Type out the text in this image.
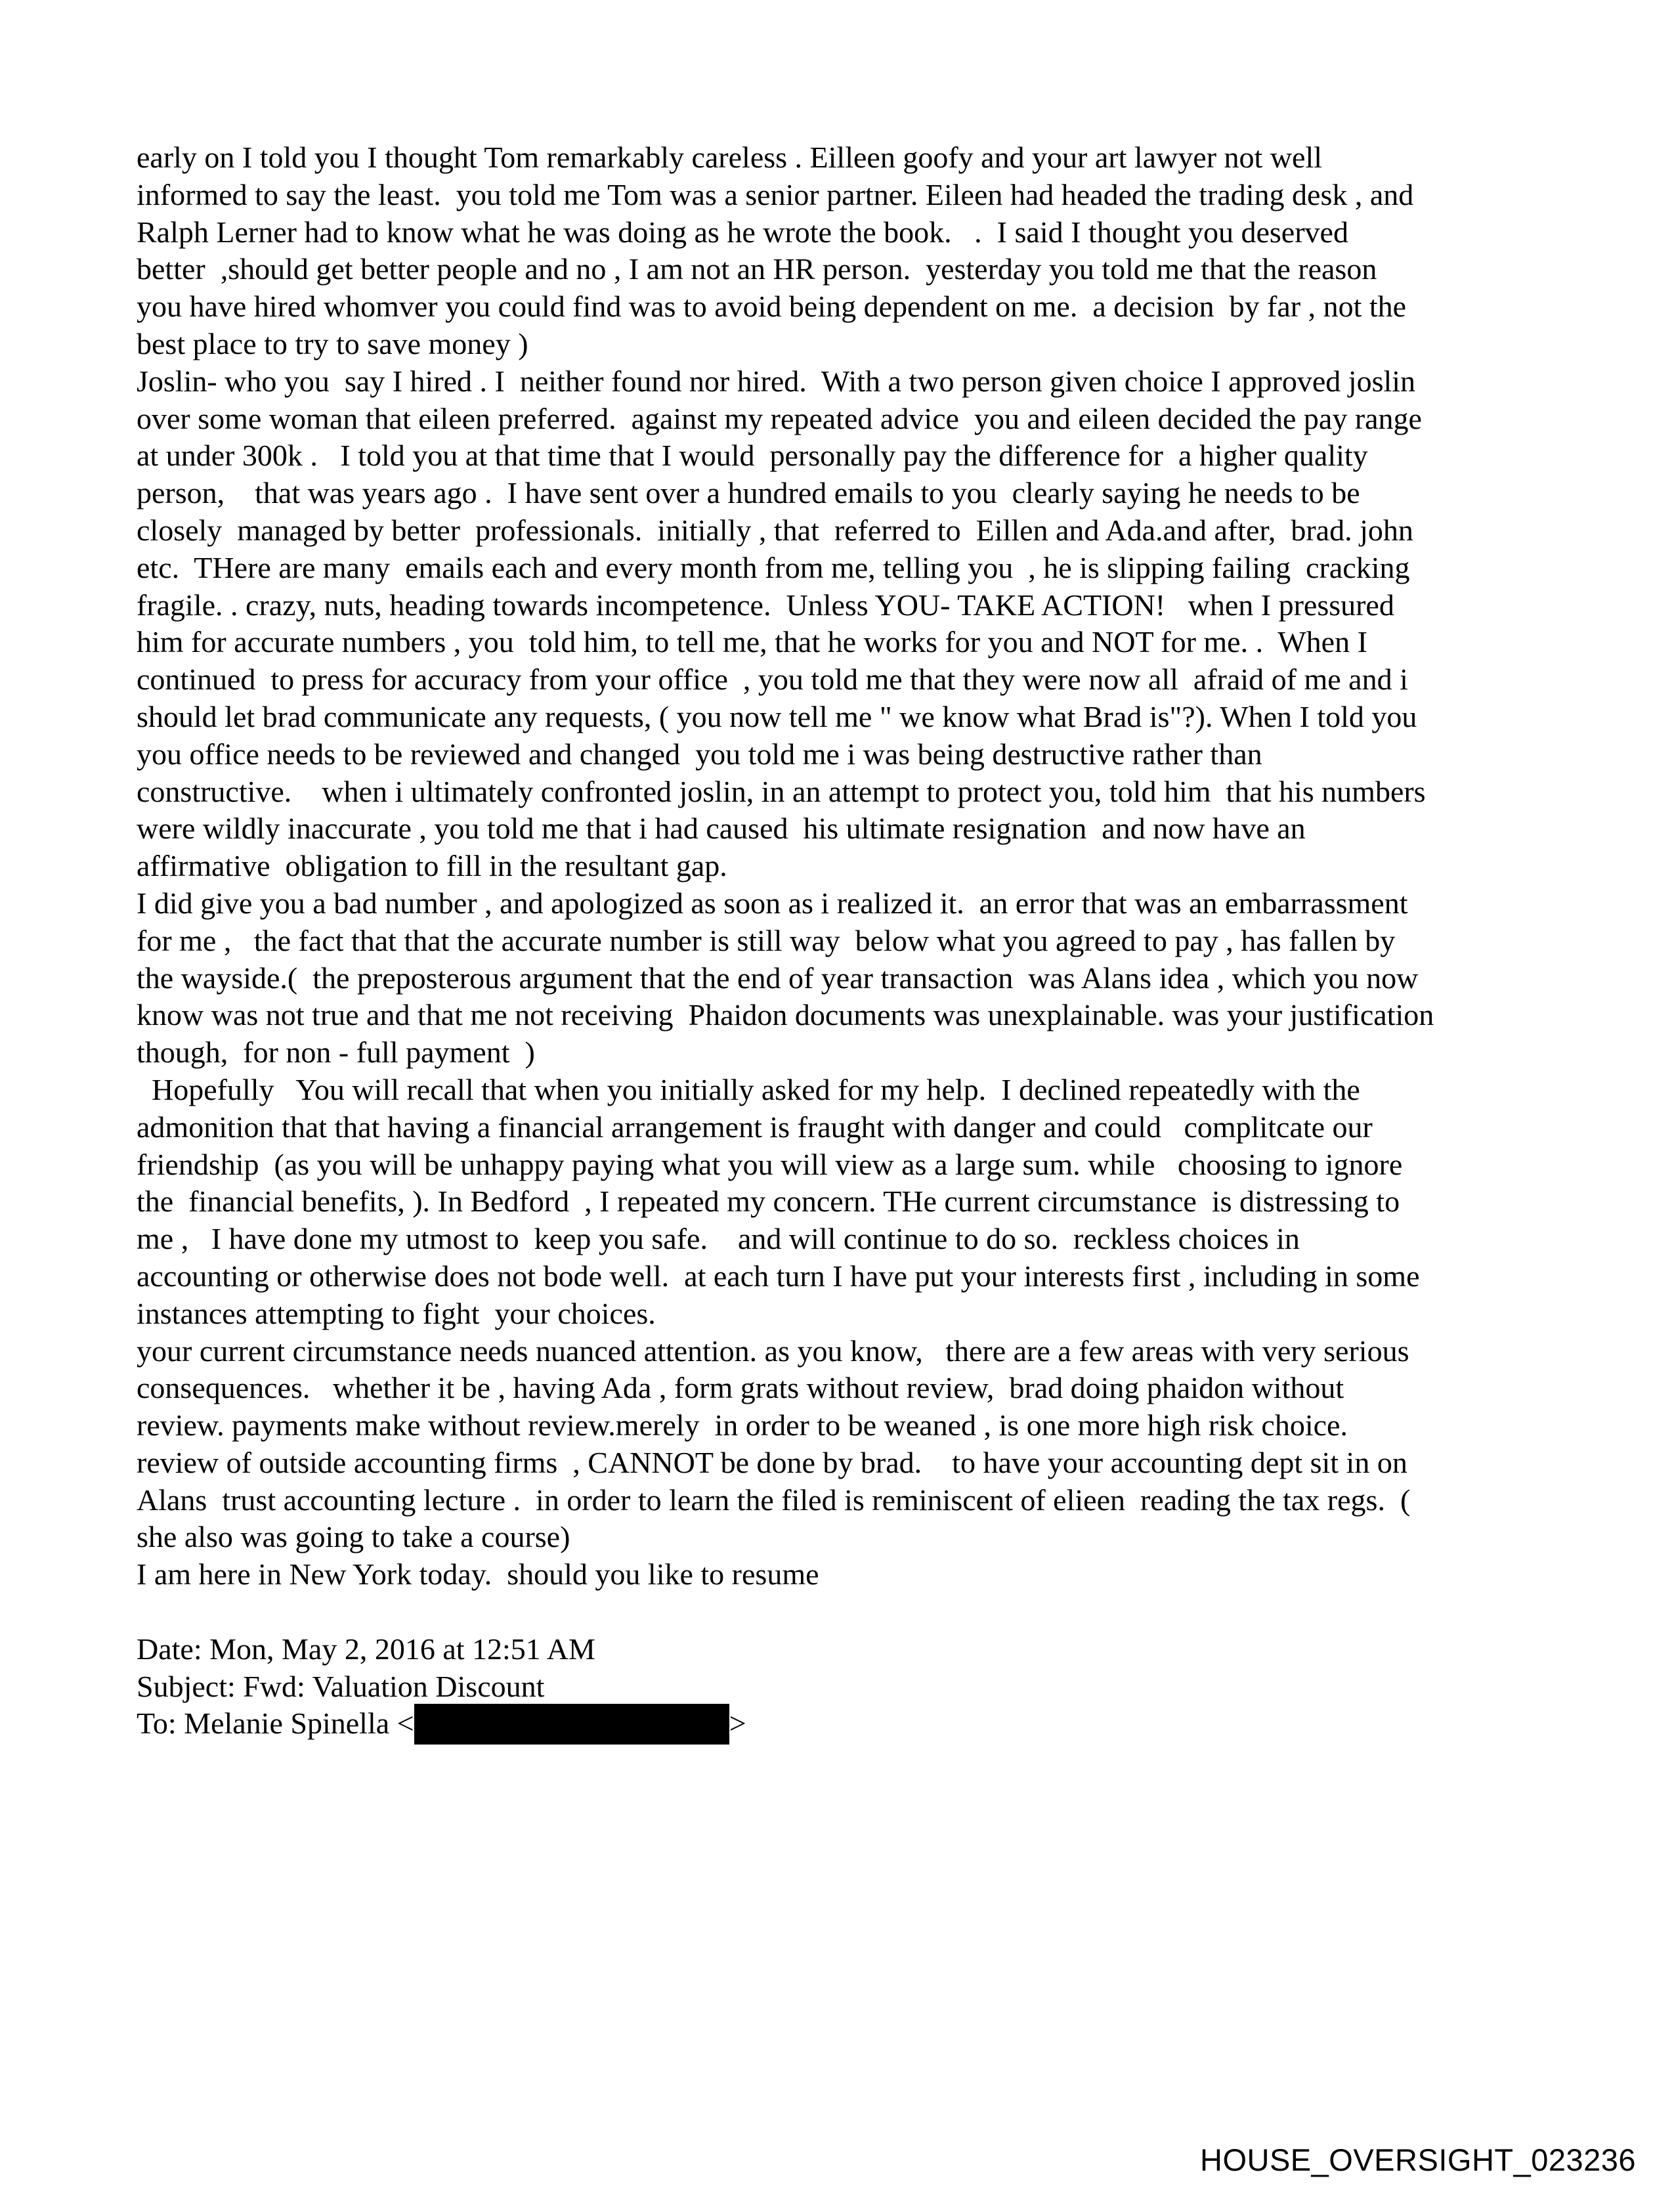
early on I told you I thought Tom remarkably careless . Eilleen goofy and your art lawyer not well
informed to say the least.  you told me Tom was a senior partner. Eileen had headed the trading desk , and
Ralph Lerner had to know what he was doing as he wrote the book.   .  I said I thought you deserved
better  ,should get better people and no , I am not an HR person.  yesterday you told me that the reason
you have hired whomver you could find was to avoid being dependent on me.  a decision  by far , not the
best place to try to save money )
Joslin- who you  say I hired . I  neither found nor hired.  With a two person given choice I approved joslin
over some woman that eileen preferred.  against my repeated advice  you and eileen decided the pay range
at under 300k .   I told you at that time that I would  personally pay the difference for  a higher quality
person,    that was years ago .  I have sent over a hundred emails to you  clearly saying he needs to be
closely  managed by better  professionals.  initially , that  referred to  Eillen and Ada.and after,  brad. john
etc.  THere are many  emails each and every month from me, telling you  , he is slipping failing  cracking
fragile. . crazy, nuts, heading towards incompetence.  Unless YOU- TAKE ACTION!   when I pressured
him for accurate numbers , you  told him, to tell me, that he works for you and NOT for me. .  When I
continued  to press for accuracy from your office  , you told me that they were now all  afraid of me and i
should let brad communicate any requests, ( you now tell me " we know what Brad is"?). When I told you
you office needs to be reviewed and changed  you told me i was being destructive rather than
constructive.    when i ultimately confronted joslin, in an attempt to protect you, told him  that his numbers
were wildly inaccurate , you told me that i had caused  his ultimate resignation  and now have an
affirmative  obligation to fill in the resultant gap.
I did give you a bad number , and apologized as soon as i realized it.  an error that was an embarrassment
for me ,   the fact that that the accurate number is still way  below what you agreed to pay , has fallen by
the wayside.(  the preposterous argument that the end of year transaction  was Alans idea , which you now
know was not true and that me not receiving  Phaidon documents was unexplainable. was your justification
though,  for non - full payment  )
Hopefully   You will recall that when you initially asked for my help.  I declined repeatedly with the
admonition that that having a financial arrangement is fraught with danger and could   complitcate our
friendship  (as you will be unhappy paying what you will view as a large sum. while   choosing to ignore
the  financial benefits, ). In Bedford  , I repeated my concern. THe current circumstance  is distressing to
me ,   I have done my utmost to  keep you safe.    and will continue to do so.  reckless choices in
accounting or otherwise does not bode well.  at each turn I have put your interests first , including in some
instances attempting to fight  your choices.
your current circumstance needs nuanced attention. as you know,   there are a few areas with very serious
consequences.   whether it be , having Ada , form grats without review,  brad doing phaidon without
review. payments make without review.merely  in order to be weaned , is one more high risk choice.
review of outside accounting firms  , CANNOT be done by brad.    to have your accounting dept sit in on
Alans  trust accounting lecture .  in order to learn the filed is reminiscent of elieen  reading the tax regs.  (
she also was going to take a course)
I am here in New York today.  should you like to resume
Date: Mon, May 2, 2016 at 12:51 AM
Subject: Fwd: Valuation Discount
To: Melanie Spinella <	>
HOUSE_OVERSIGHT_023236
